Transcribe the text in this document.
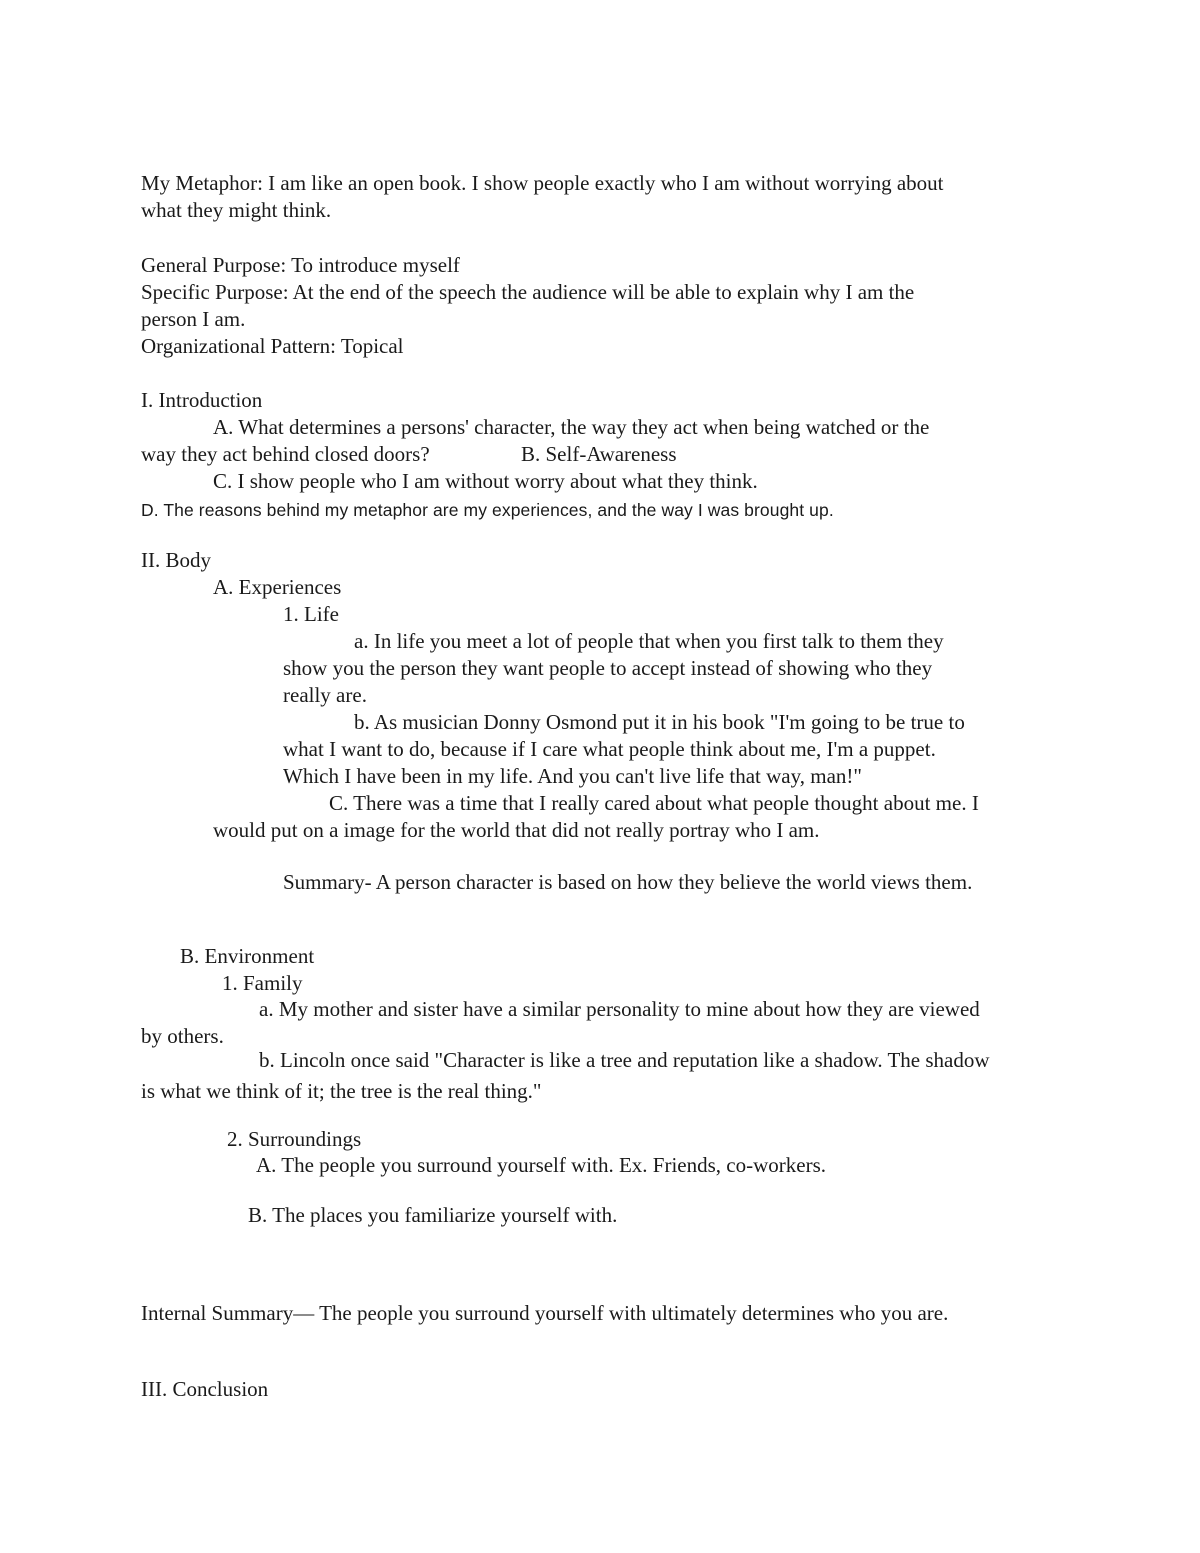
My Metaphor: I am like an open book. I show people exactly who I am without worrying about
what they might think.
General Purpose: To introduce myself
Specific Purpose: At the end of the speech the audience will be able to explain why I am the
person I am.
Organizational Pattern: Topical
I. Introduction
A. What determines a persons' character, the way they act when being watched or the
way they act behind closed doors?	B. Self-Awareness
C. I show people who I am without worry about what they think.
D. The reasons behind my metaphor are my experiences, and the way I was brought up.
II. Body
A. Experiences
1. Life
a. In life you meet a lot of people that when you first talk to them they
show you the person they want people to accept instead of showing who they
really are.
b. As musician Donny Osmond put it in his book "I'm going to be true to
what I want to do, because if I care what people think about me, I'm a puppet.
Which I have been in my life. And you can't live life that way, man!"
C. There was a time that I really cared about what people thought about me. I
would put on a image for the world that did not really portray who I am.
Summary- A person character is based on how they believe the world views them.
B. Environment
1. Family
a. My mother and sister have a similar personality to mine about how they are viewed
by others.
b. Lincoln once said "Character is like a tree and reputation like a shadow. The shadow
is what we think of it; the tree is the real thing."
2. Surroundings
A. The people you surround yourself with. Ex. Friends, co-workers.
B. The places you familiarize yourself with.
Internal Summary— The people you surround yourself with ultimately determines who you are.
III. Conclusion
